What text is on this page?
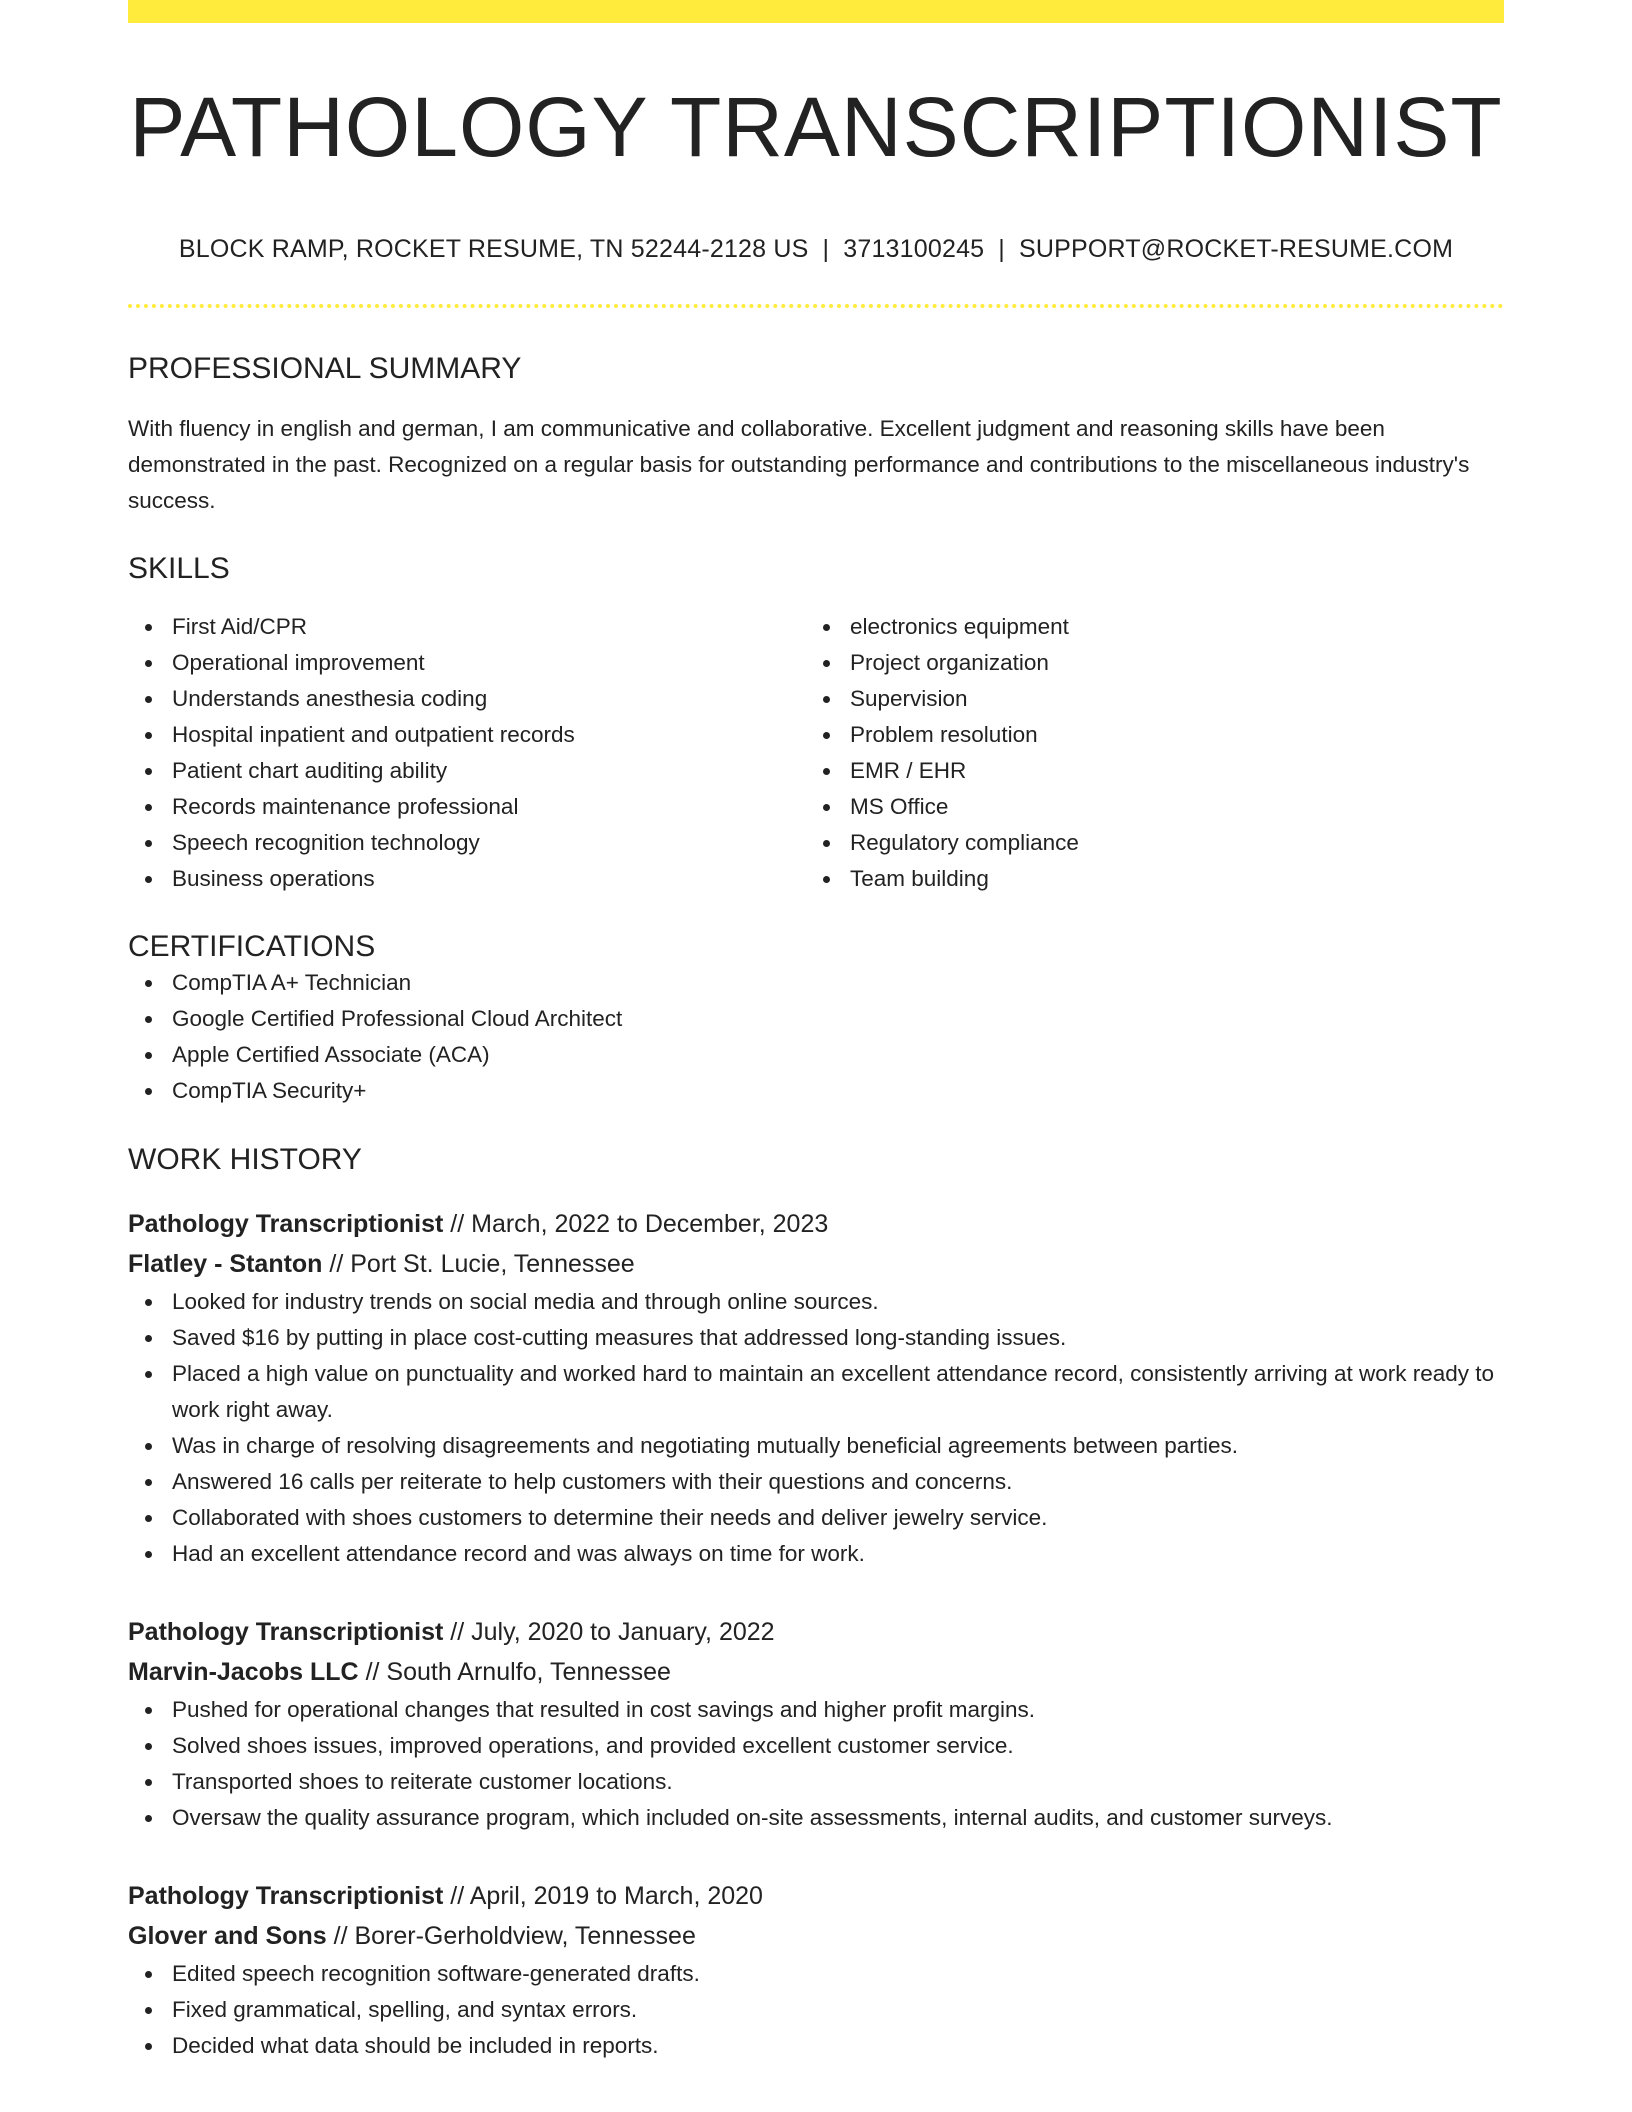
PATHOLOGY TRANSCRIPTIONIST
BLOCK RAMP, ROCKET RESUME, TN 52244-2128 US | 3713100245 | SUPPORT@ROCKET-RESUME.COM
PROFESSIONAL SUMMARY
With fluency in english and german, I am communicative and collaborative. Excellent judgment and reasoning skills have been demonstrated in the past. Recognized on a regular basis for outstanding performance and contributions to the miscellaneous industry's success.
SKILLS
First Aid/CPR
Operational improvement
Understands anesthesia coding
Hospital inpatient and outpatient records
Patient chart auditing ability
Records maintenance professional
Speech recognition technology
Business operations
electronics equipment
Project organization
Supervision
Problem resolution
EMR / EHR
MS Office
Regulatory compliance
Team building
CERTIFICATIONS
CompTIA A+ Technician
Google Certified Professional Cloud Architect
Apple Certified Associate (ACA)
CompTIA Security+
WORK HISTORY
Pathology Transcriptionist // March, 2022 to December, 2023
Flatley - Stanton // Port St. Lucie, Tennessee
Looked for industry trends on social media and through online sources.
Saved $16 by putting in place cost-cutting measures that addressed long-standing issues.
Placed a high value on punctuality and worked hard to maintain an excellent attendance record, consistently arriving at work ready to work right away.
Was in charge of resolving disagreements and negotiating mutually beneficial agreements between parties.
Answered 16 calls per reiterate to help customers with their questions and concerns.
Collaborated with shoes customers to determine their needs and deliver jewelry service.
Had an excellent attendance record and was always on time for work.
Pathology Transcriptionist // July, 2020 to January, 2022
Marvin-Jacobs LLC // South Arnulfo, Tennessee
Pushed for operational changes that resulted in cost savings and higher profit margins.
Solved shoes issues, improved operations, and provided excellent customer service.
Transported shoes to reiterate customer locations.
Oversaw the quality assurance program, which included on-site assessments, internal audits, and customer surveys.
Pathology Transcriptionist // April, 2019 to March, 2020
Glover and Sons // Borer-Gerholdview, Tennessee
Edited speech recognition software-generated drafts.
Fixed grammatical, spelling, and syntax errors.
Decided what data should be included in reports.
